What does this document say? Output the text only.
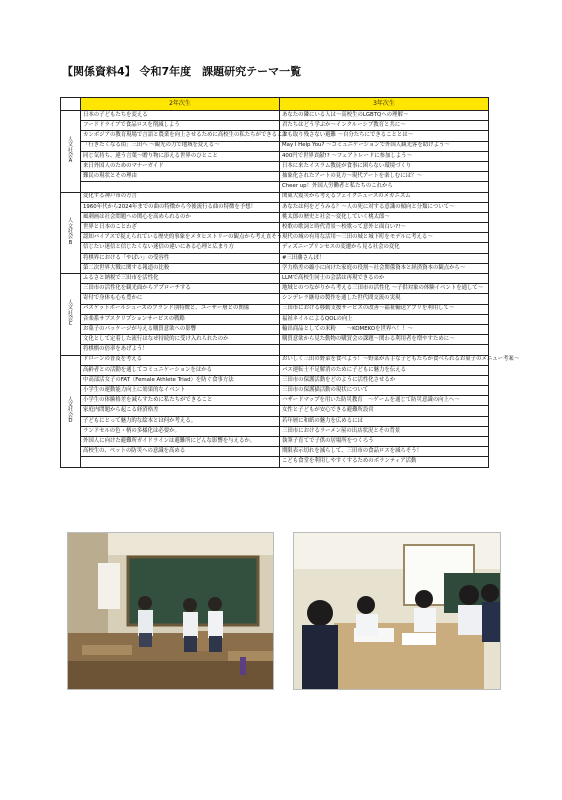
【関係資料4】 令和7年度　課題研究テーマ一覧
	2年次生	3年次生

人
文
社
会
A	日本の子どもたちを変える	あなたの隣にいる人は～高校生のLGBTQへの理解～
	フードドライブで食品ロスを削減しよう	君たちはどう学ぶか～インクルーシブ教育と共に～
	カンボジアの教育現場で言語と農業を向上させるために高校生の私たちができること	誰も取り残さない避難 ～自分たちにできることとは～
	「行きたくなる街」三田へ ～観光の力で地域を変える～	May I Help You? ～コミュニケーションで外国人観光客を助けよう～
	同じ気持ち、違う言葉～贈り物に添える世界のひとこと	400円で世界貢献!? ～フェアトレードに参加しよう～
	来日外国人のためのマナーガイド	日本に来たイスラム教徒が食事に困らない環境づくり
	難民の現状とその理由	抽象化されたアートの見方～現代アートを楽しむには？～
		Cheer up！外国人労働者と私たちのこれから

人
文
社
会
B	変化する神戸市の方言	関東大震災から考えるフェイクニュースのメカニズム
	1960年代から2024年までの曲の特徴から今後流行る曲の特徴を予想！	あなたは何をどうみる？～人の死に対する意識の傾向と分類について～
	風刺画は社会問題への関心を高められるのか	桃太郎の歴史と社会～変化していく桃太郎～
	世界と日本のことわざ	校歌の歌詞と時代背景～校歌って意外と面白い?!～
	認知バイアスで捉えられている歴史的事象をメタヒストリーの観点から考え直そう	現代の城の有用な活用～三田の城と城下町をモデルに考える～
	信じたい迷信と信じたくない迷信の違いにある心理と広まり方	ディズニープリンセスの変遷から見る社会の変化
	将棋界における「やばい」の受容性	#三田藩さんぽ！
	第二次世界大戦に関する報道の比較	学力格差の縮小に向けた家庭の役割～社会関係資本と経済資本の観点から～

人
文
社
会
C	ふるさと納税で三田市を活性化	LLMで高校生同士の会話は再現できるのか
	三田市の活性化を観光面からアプローチする	地域とのつながりから考える三田市の活性化 ～子供対象の体験イベントを通して～
	寄付で身体も心も豊かに	シンデレラ継母の製作を通した世代間交流の実現
	バスケットボールシューズのブランド別特徴と、ユーザー層との関係	三田市における移動支援サービスの改善～福祉輸送アプリを利用して～
	音楽系サブスクリプションサービスの戦略	福祉ネイルによるQOLの向上
	お菓子のパッケージが与える購買意欲への影響	輸出商品としての米粉　　～KOMEKOを世界へ！！～
	文化として定着した流行はなぜ持続的に受け入れられたのか	購買意欲から見た動物の購買会の課題～関わる利用者を増やすために～
	将棋棋の倍率をあげよう！	

人
文
社
会
D	ドローンの普及を考える	おいしく三田の野菜を食べよう！～野菜が苦手な子どもたちが食べられるお菓子のメニュー考案～
	高齢者との活動を通してコミュニケーションをはかる	バス運転士不足解消のために子どもに魅力を伝える
	中高部活女子のFAT（Female Athlete Triad）を防ぐ食事方法	三田市の保護活動をどのように活性化させるか
	小学生の運動能力向上に効果的なイベント	三田市の保護猫活動の現状について
	小学生の体験格差を減らすために私たちができること	ハザードマップを用いた防災教育　～ゲームを通じて防災意識の向上へ～
	家庭内問題から起こる経済格差	女性と子どもが安心できる避難所設営
	子どもにとって魅力的な絵本とは何か考える。	若年層に和紙の魅力を広めるには
	ランドセルの色・柄の多様化は必要か。	三田市におけるラーメン屋の出店状況とその背景
	外国人に向けた避難所ガイドラインは避難所にどんな影響を与えるか。	執筆子育てで子供の居場所をつくろう
	高校生の、ペットの防災への意識を高める	期限表示切れを減らして、三田市の食品ロスを減らそう！
		こども食堂を利用しやすくするためのボランティア活動
